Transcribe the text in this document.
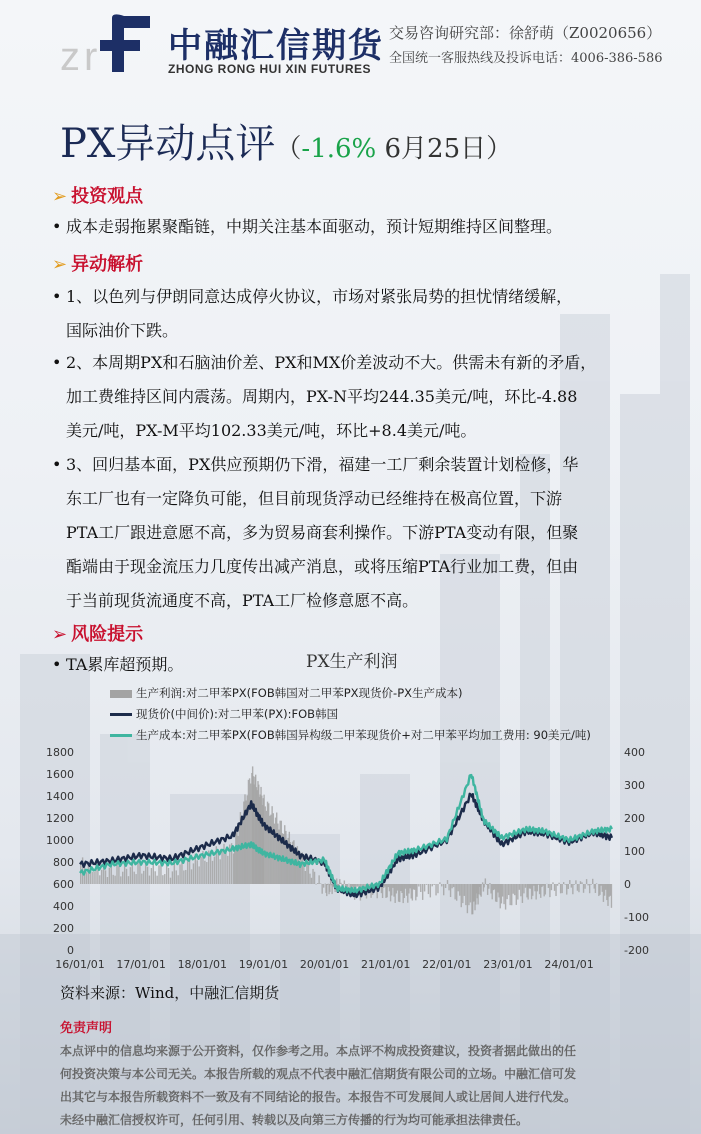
z r 中融汇信期货
ZHONG RONG HUI XIN FUTURES
交易咨询研究部：徐舒萌（Z0020656）
全国统一客服热线及投诉电话：4006-386-586
PX异动点评（-1.6% 6月25日）
➢ 投资观点
• 成本走弱拖累聚酯链，中期关注基本面驱动，预计短期维持区间整理。
➢ 异动解析
• 1、以色列与伊朗同意达成停火协议，市场对紧张局势的担忧情绪缓解，
国际油价下跌。
• 2、本周期PX和石脑油价差、PX和MX价差波动不大。供需未有新的矛盾，
加工费维持区间内震荡。周期内，PX-N平均244.35美元/吨，环比-4.88
美元/吨，PX-M平均102.33美元/吨，环比+8.4美元/吨。
• 3、回归基本面，PX供应预期仍下滑，福建一工厂剩余装置计划检修，华
东工厂也有一定降负可能，但目前现货浮动已经维持在极高位置，下游
PTA工厂跟进意愿不高，多为贸易商套利操作。下游PTA变动有限，但聚
酯端由于现金流压力几度传出减产消息，或将压缩PTA行业加工费，但由
于当前现货流通度不高，PTA工厂检修意愿不高。
➢ 风险提示
• TA累库超预期。	PX生产利润
生产利润:对二甲苯PX(FOB韩国对二甲苯PX现货价-PX生产成本)
现货价(中间价):对二甲苯(PX):FOB韩国
生产成本:对二甲苯PX(FOB韩国异构级二甲苯现货价+对二甲苯平均加工费用: 90美元/吨)
1800
1600
1400
1200
1000
800
600
400
200
0
400
300
200
100
0
-100
-200
16/01/01 17/01/01 18/01/01 19/01/01 20/01/01 21/01/01 22/01/01 23/01/01 24/01/01
资料来源：Wind，中融汇信期货
免责声明
本点评中的信息均来源于公开资料，仅作参考之用。本点评不构成投资建议，投资者据此做出的任
何投资决策与本公司无关。本报告所载的观点不代表中融汇信期货有限公司的立场。中融汇信可发
出其它与本报告所载资料不一致及有不同结论的报告。本报告不可发展间人或让居间人进行代发。
未经中融汇信授权许可，任何引用、转载以及向第三方传播的行为均可能承担法律责任。
